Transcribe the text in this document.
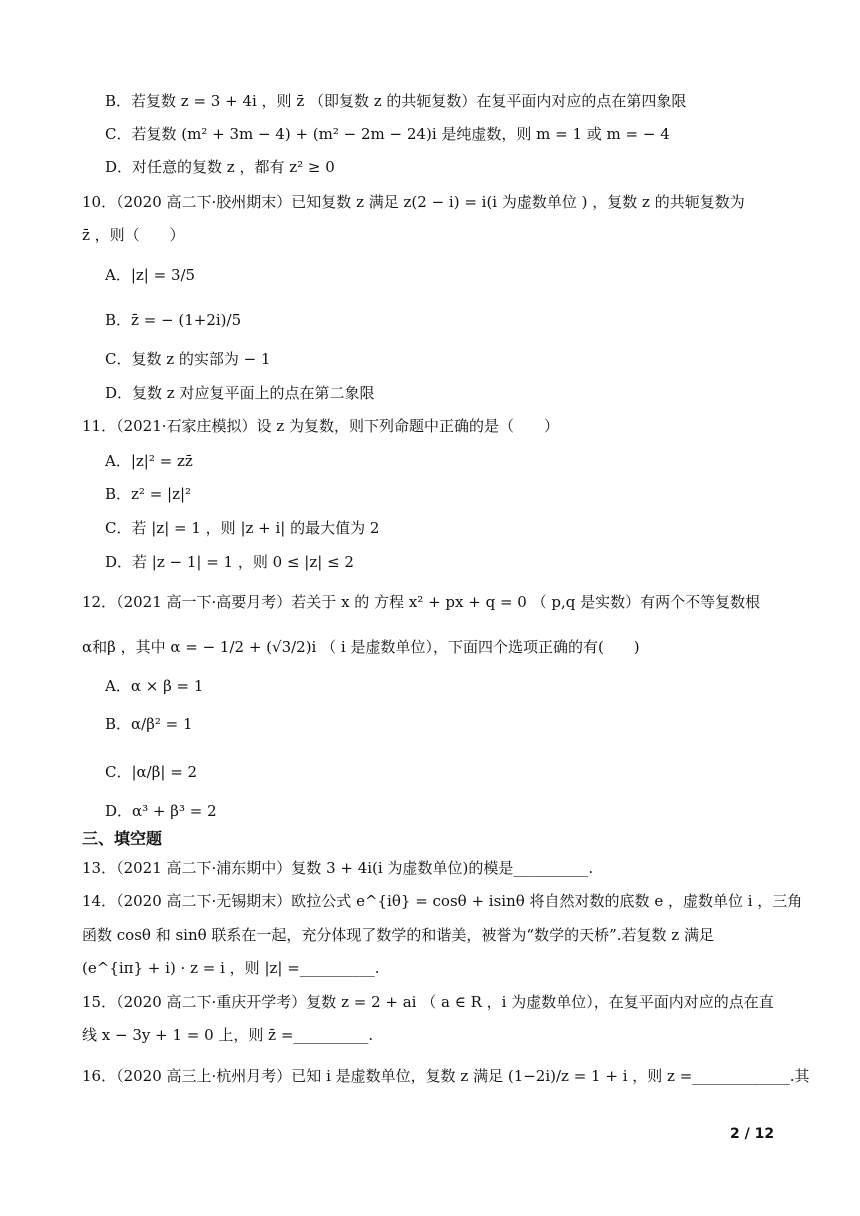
B．若复数 z = 3 + 4i ，则 z̄ （即复数 z 的共轭复数）在复平面内对应的点在第四象限
C．若复数 (m² + 3m − 4) + (m² − 2m − 24)i 是纯虚数，则 m = 1 或 m = − 4
D．对任意的复数 z ，都有 z² ≥ 0
10．（2020 高二下·胶州期末）已知复数 z 满足 z(2 − i) = i(i 为虚数单位 ) ，复数 z 的共轭复数为
z̄ ，则（　　）
A．|z| = 3/5
B．z̄ = − (1+2i)/5
C．复数 z 的实部为 − 1
D．复数 z 对应复平面上的点在第二象限
11．（2021·石家庄模拟）设 z 为复数，则下列命题中正确的是（　　）
A．|z|² = zz̄
B．z² = |z|²
C．若 |z| = 1 ，则 |z + i| 的最大值为 2
D．若 |z − 1| = 1 ，则 0 ≤ |z| ≤ 2
12．（2021 高一下·高要月考）若关于 x 的 方程 x² + px + q = 0 （ p,q 是实数）有两个不等复数根
α和β ，其中 α = − 1/2 + (√3/2)i （ i 是虚数单位），下面四个选项正确的有(　　)
A．α × β = 1
B．α/β² = 1
C．|α/β| = 2
D．α³ + β³ = 2
三、填空题
13．（2021 高二下·浦东期中）复数 3 + 4i(i 为虚数单位)的模是__________.
14．（2020 高二下·无锡期末）欧拉公式 e^{iθ} = cosθ + isinθ 将自然对数的底数 e ，虚数单位 i ，三角
函数 cosθ 和 sinθ 联系在一起，充分体现了数学的和谐美，被誉为“数学的天桥”.若复数 z 满足
(e^{iπ} + i) · z = i ，则 |z| =__________.
15．（2020 高二下·重庆开学考）复数 z = 2 + ai （ a ∈ R ，i 为虚数单位），在复平面内对应的点在直
线 x − 3y + 1 = 0 上，则 z̄ =__________.
16．（2020 高三上·杭州月考）已知 i 是虚数单位，复数 z 满足 (1−2i)/z = 1 + i ，则 z =_____________.其
2 / 12
